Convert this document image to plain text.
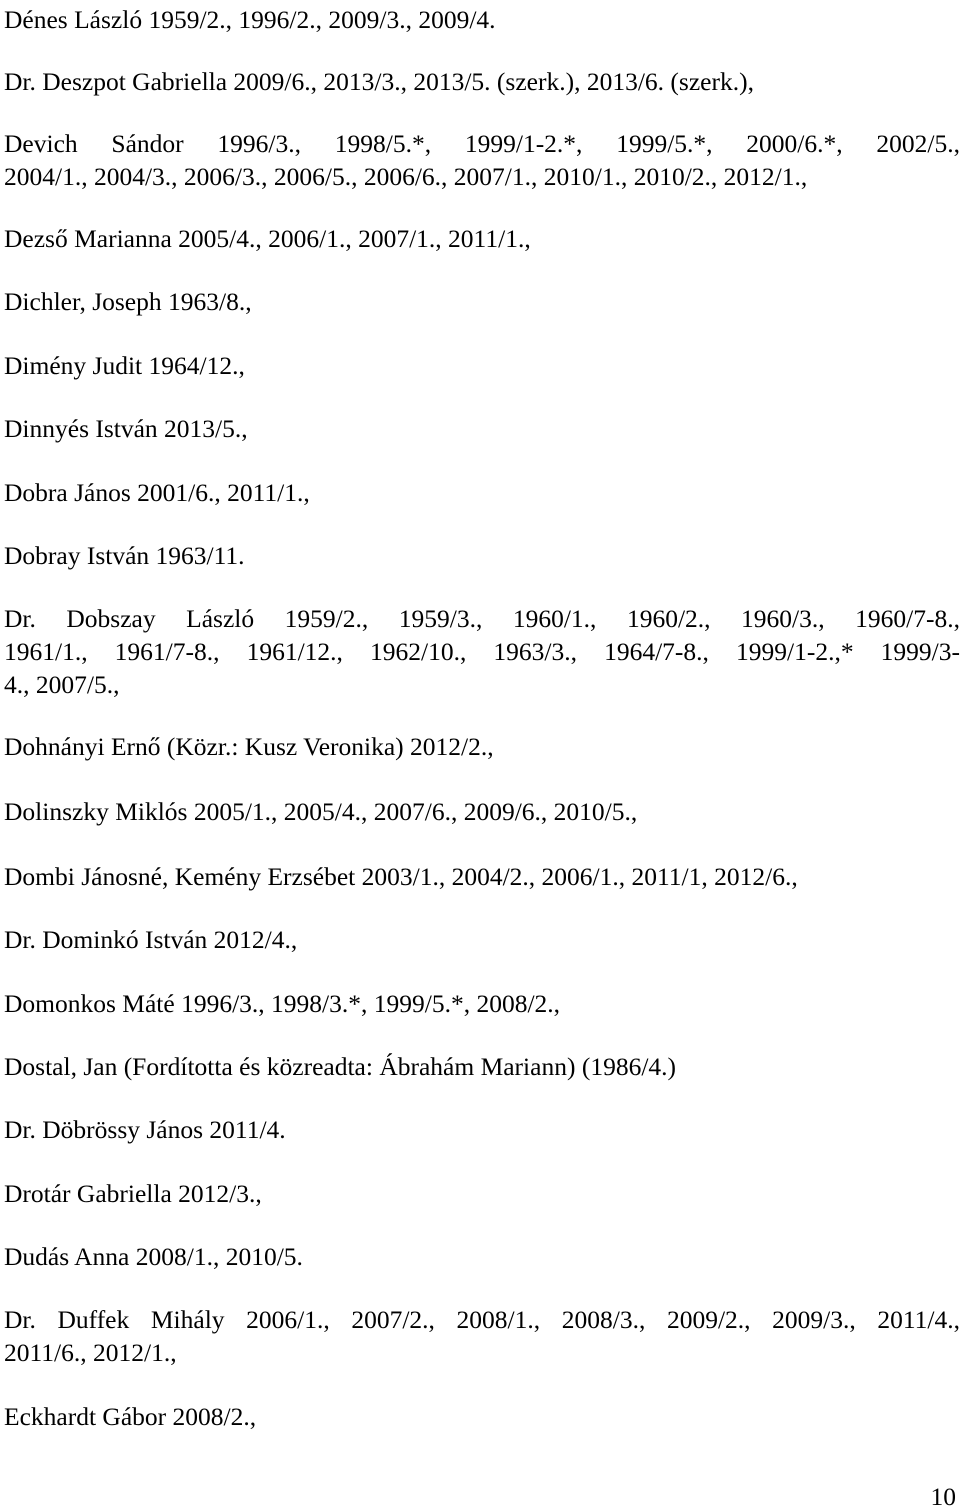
Dénes László 1959/2., 1996/2., 2009/3., 2009/4.

Dr. Deszpot Gabriella 2009/6., 2013/3., 2013/5. (szerk.), 2013/6. (szerk.),

Devich Sándor 1996/3., 1998/5.*, 1999/1-2.*, 1999/5.*, 2000/6.*, 2002/5.,
2004/1., 2004/3., 2006/3., 2006/5., 2006/6., 2007/1., 2010/1., 2010/2., 2012/1.,

Dezső Marianna 2005/4., 2006/1., 2007/1., 2011/1.,

Dichler, Joseph 1963/8.,

Dimény Judit 1964/12.,

Dinnyés István 2013/5.,

Dobra János 2001/6., 2011/1.,

Dobray István 1963/11.

Dr. Dobszay László 1959/2., 1959/3., 1960/1., 1960/2., 1960/3., 1960/7-8.,
1961/1., 1961/7-8., 1961/12., 1962/10., 1963/3., 1964/7-8., 1999/1-2.,* 1999/3-
4., 2007/5.,

Dohnányi Ernő (Közr.: Kusz Veronika) 2012/2.,

Dolinszky Miklós 2005/1., 2005/4., 2007/6., 2009/6., 2010/5.,

Dombi Jánosné, Kemény Erzsébet 2003/1., 2004/2., 2006/1., 2011/1, 2012/6.,

Dr. Dominkó István 2012/4.,

Domonkos Máté 1996/3., 1998/3.*, 1999/5.*, 2008/2.,

Dostal, Jan (Fordította és közreadta: Ábrahám Mariann) (1986/4.)

Dr. Döbrössy János 2011/4.

Drotár Gabriella 2012/3.,

Dudás Anna 2008/1., 2010/5.

Dr. Duffek Mihály 2006/1., 2007/2., 2008/1., 2008/3., 2009/2., 2009/3., 2011/4.,
2011/6., 2012/1.,

Eckhardt Gábor 2008/2.,

10
